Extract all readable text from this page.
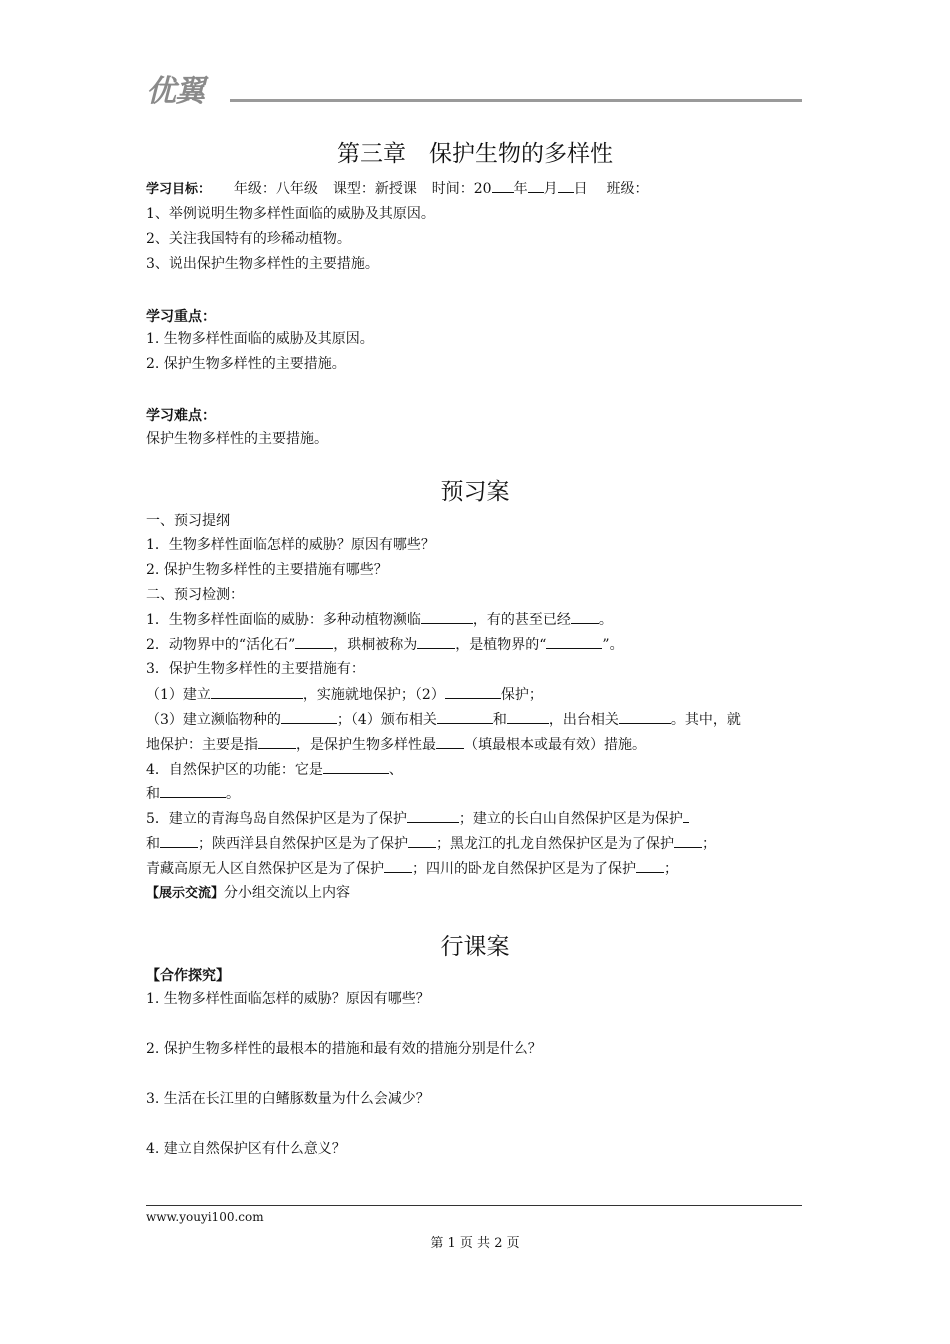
优翼
第三章　保护生物的多样性
学习目标： 年级：八年级 课型：新授课 时间：20 年 月 日 班级：
1、举例说明生物多样性面临的威胁及其原因。
2、关注我国特有的珍稀动植物。
3、说出保护生物多样性的主要措施。
学习重点：
1. 生物多样性面临的威胁及其原因。
2. 保护生物多样性的主要措施。
学习难点：
保护生物多样性的主要措施。
预习案
一、预习提纲
1．生物多样性面临怎样的威胁？原因有哪些？
2. 保护生物多样性的主要措施有哪些？
二、预习检测：
1．生物多样性面临的威胁：多种动植物濒临	，有的甚至已经 。
2．动物界中的“活化石”	，珙桐被称为	，是植物界的“	”。
3．保护生物多样性的主要措施有：
（1）建立	，实施就地保护；（2）	保护；
（3）建立濒临物种的	；（4）颁布相关	和	，出台相关	。其中，就
地保护：主要是指	，是保护生物多样性最 （填最根本或最有效）措施。
4．自然保护区的功能：它是	、
和	。
5．建立的青海鸟岛自然保护区是为了保护	；建立的长白山自然保护区是为保护
和	；陕西洋县自然保护区是为了保护 ；黑龙江的扎龙自然保护区是为了保护 ；
青藏高原无人区自然保护区是为了保护 ；四川的卧龙自然保护区是为了保护 ；
【展示交流】分小组交流以上内容
行课案
【合作探究】
1. 生物多样性面临怎样的威胁？原因有哪些？
2. 保护生物多样性的最根本的措施和最有效的措施分别是什么？
3. 生活在长江里的白鳍豚数量为什么会减少？
4. 建立自然保护区有什么意义？
www.youyi100.com
第 1 页 共 2 页
